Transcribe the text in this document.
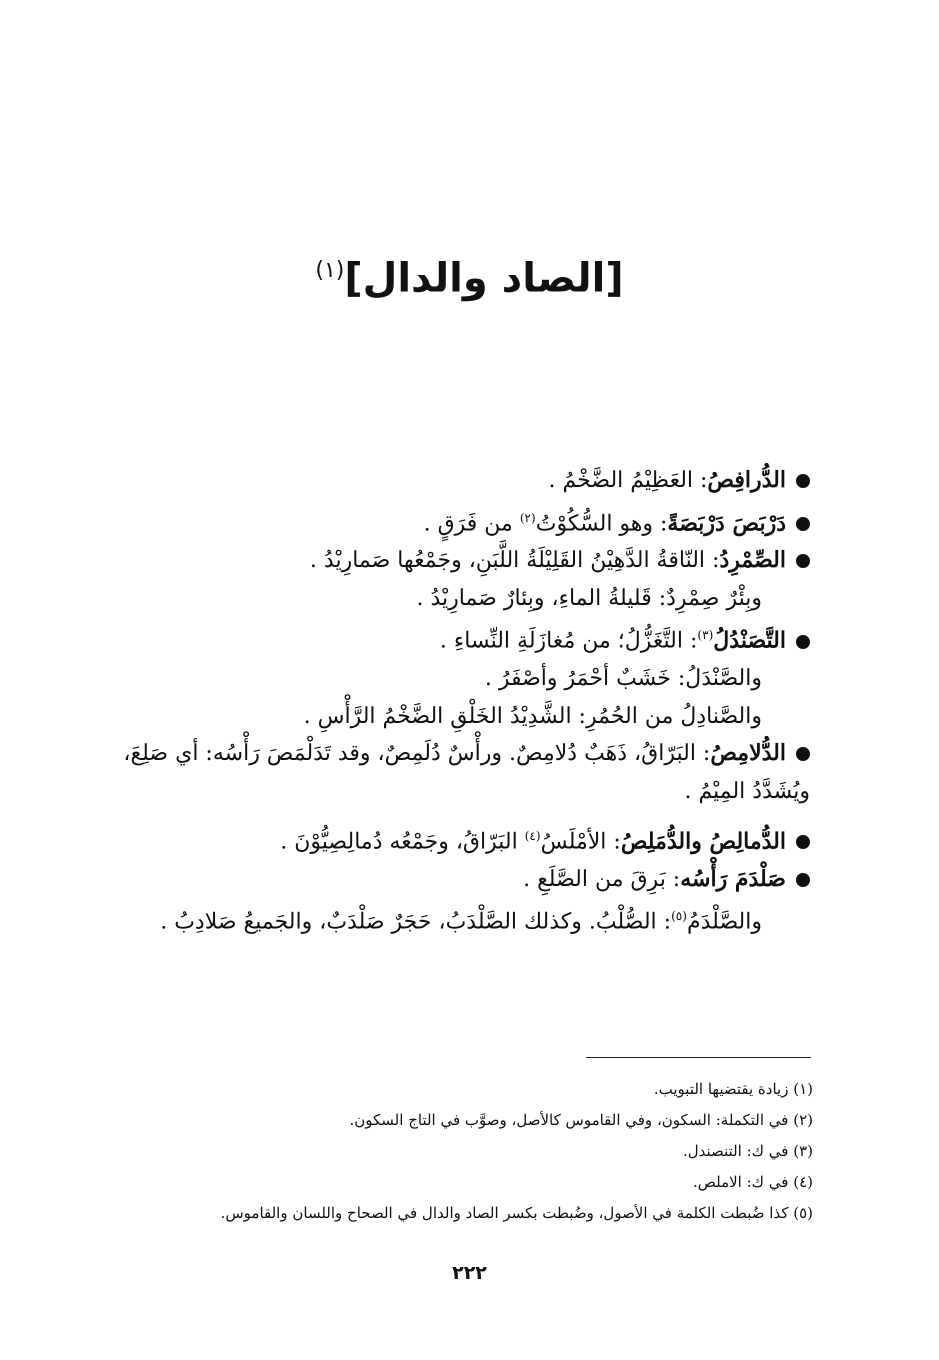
[الصاد والدال]$^{(١)}$

الدُّرافِصُ: العَظِيْمُ الضَّخْمُ .

دَرْبَصَ دَرْبَصَةً: وهو السُّكُوْتُ$^{(٢)}$ من فَرَقٍ .

الصِّمْرِدُ: النّاقةُ الدَّهِيْنُ القَلِيْلَةُ اللَّبَنِ، وجَمْعُها صَمارِيْدُ .

وبِئْرٌ صِمْرِدٌ: قَليلةُ الماءِ، وبِئارٌ صَمارِيْدُ .

التَّصَنْدُلُ$^{(٣)}$: التَّغَزُّلُ؛ من مُغازَلَةِ النِّساءِ .

والصَّنْدَلُ: خَشَبٌ أحْمَرُ وأصْفَرُ .

والصَّنادِلُ من الحُمُرِ: الشَّدِيْدُ الخَلْقِ الضَّخْمُ الرَّأْسِ .

الدُّلامِصُ: البَرّاقُ، ذَهَبٌ دُلامِصٌ. ورأْسٌ دُلَمِصٌ، وقد تَدَلْمَصَ رَأْسُه: أي صَلِعَ، ويُشَدَّدُ المِيْمُ .

الدُّمالِصُ والدُّمَلِصُ: الأمْلَسُ$^{(٤)}$ البَرّاقُ، وجَمْعُه دُمالِصِيُّوْنَ .

صَلْدَمَ رَأْسُه: بَرِقَ من الصَّلَعِ .

والصَّلْدَمُ$^{(٥)}$: الصُّلْبُ. وكذلك الصَّلْدَبُ، حَجَرٌ صَلْدَبٌ، والجَميعُ صَلادِبُ .

(١) زيادة يقتضيها التبويب.

(٢) في التكملة: السكون، وفي القاموس كالأصل، وصوَّب في التاج السكون.

(٣) في ك: التنصندل.

(٤) في ك: الاملص.

(٥) كذا ضُبطت الكلمة في الأصول، وضُبطت بكسر الصاد والدال في الصحاح واللسان والقاموس.

٢٢٢
